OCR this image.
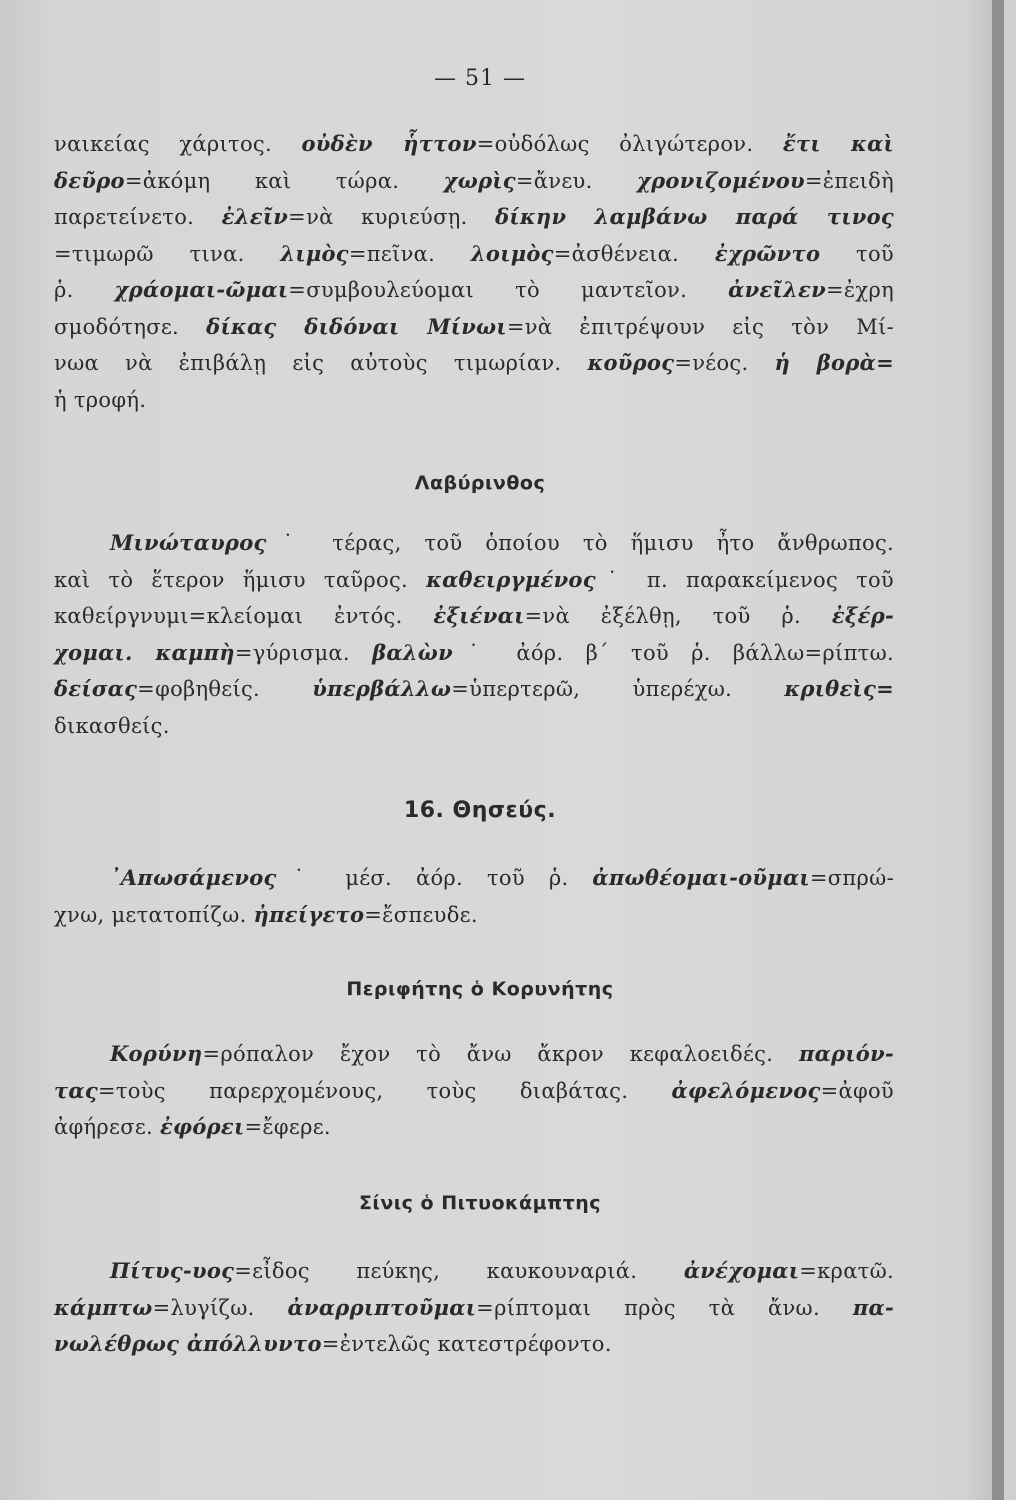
— 51 —
ναικείας χάριτος. οὐδὲν ἧττον=οὐδόλως ὀλιγώτερον. ἔτι καὶ
δεῦρο=ἀκόμη καὶ τώρα. χωρὶς=ἄνευ. χρονιζομένου=ἐπειδὴ
παρετείνετο. ἐλεῖν=νὰ κυριεύσῃ. δίκην λαμβάνω παρά τινος
=τιμωρῶ τινα. λιμὸς=πεῖνα. λοιμὸς=ἀσθένεια. ἐχρῶντο τοῦ
ῥ. χράομαι-ῶμαι=συμβουλεύομαι τὸ μαντεῖον. ἀνεῖλεν=ἐχρη
σμοδότησε. δίκας διδόναι Μίνωι=νὰ ἐπιτρέψουν εἰς τὸν Μί-
νωα νὰ ἐπιβάλῃ εἰς αὐτοὺς τιμωρίαν. κοῦρος=νέος. ἡ βορὰ=
ἡ τροφή.
Λαβύρινθος
Μινώταυρος˙ τέρας, τοῦ ὁποίου τὸ ἥμισυ ἦτο ἄνθρωπος.
καὶ τὸ ἕτερον ἥμισυ ταῦρος. καθειργμένος˙ π. παρακείμενος τοῦ
καθείργνυμι=κλείομαι ἐντός. ἐξιέναι=νὰ ἐξέλθῃ, τοῦ ῥ. ἐξέρ-
χομαι. καμπὴ=γύρισμα. βαλὼν˙ ἀόρ. β΄ τοῦ ῥ. βάλλω=ρίπτω.
δείσας=φοβηθείς. ὑπερβάλλω=ὑπερτερῶ, ὑπερέχω. κριθεὶς=
δικασθείς.
16. Θησεύς.
᾽Απωσάμενος˙ μέσ. ἀόρ. τοῦ ῥ. ἀπωθέομαι-οῦμαι=σπρώ-
χνω, μετατοπίζω. ἠπείγετο=ἔσπευδε.
Περιφήτης ὁ Κορυνήτης
Κορύνη=ρόπαλον ἔχον τὸ ἄνω ἄκρον κεφαλοειδές. παριόν-
τας=τοὺς παρερχομένους, τοὺς διαβάτας. ἀφελόμενος=ἀφοῦ
ἀφήρεσε. ἐφόρει=ἔφερε.
Σίνις ὁ Πιτυοκάμπτης
Πίτυς-υος=εἶδος πεύκης, καυκουναριά. ἀνέχομαι=κρατῶ.
κάμπτω=λυγίζω. ἀναρριπτοῦμαι=ρίπτομαι πρὸς τὰ ἄνω. πα-
νωλέθρως ἀπόλλυντο=ἐντελῶς κατεστρέφοντο.
